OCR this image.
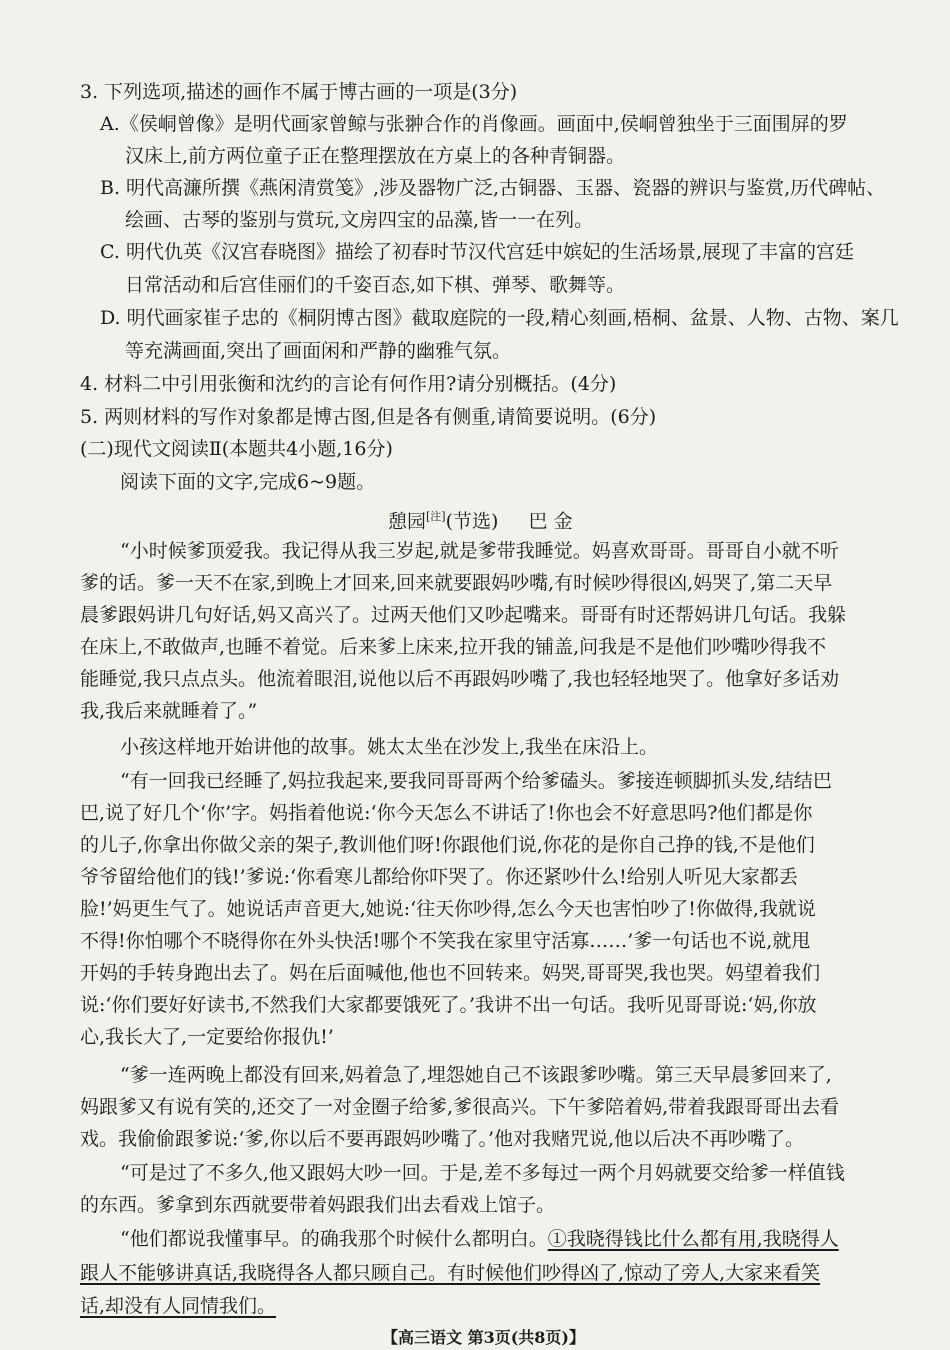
3. 下列选项,描述的画作不属于博古画的一项是(3分)
A.《侯峒曾像》是明代画家曾鲸与张翀合作的肖像画。画面中,侯峒曾独坐于三面围屏的罗
汉床上,前方两位童子正在整理摆放在方桌上的各种青铜器。
B. 明代高濂所撰《燕闲清赏笺》,涉及器物广泛,古铜器、玉器、瓷器的辨识与鉴赏,历代碑帖、
绘画、古琴的鉴别与赏玩,文房四宝的品藻,皆一一在列。
C. 明代仇英《汉宫春晓图》描绘了初春时节汉代宫廷中嫔妃的生活场景,展现了丰富的宫廷
日常活动和后宫佳丽们的千姿百态,如下棋、弹琴、歌舞等。
D. 明代画家崔子忠的《桐阴博古图》截取庭院的一段,精心刻画,梧桐、盆景、人物、古物、案几
等充满画面,突出了画面闲和严静的幽雅气氛。
4. 材料二中引用张衡和沈约的言论有何作用?请分别概括。(4分)
5. 两则材料的写作对象都是博古图,但是各有侧重,请简要说明。(6分)
(二)现代文阅读Ⅱ(本题共4小题,16分)
阅读下面的文字,完成6~9题。
憩园[注](节选) 巴 金
“小时候爹顶爱我。我记得从我三岁起,就是爹带我睡觉。妈喜欢哥哥。哥哥自小就不听
爹的话。爹一天不在家,到晚上才回来,回来就要跟妈吵嘴,有时候吵得很凶,妈哭了,第二天早
晨爹跟妈讲几句好话,妈又高兴了。过两天他们又吵起嘴来。哥哥有时还帮妈讲几句话。我躲
在床上,不敢做声,也睡不着觉。后来爹上床来,拉开我的铺盖,问我是不是他们吵嘴吵得我不
能睡觉,我只点点头。他流着眼泪,说他以后不再跟妈吵嘴了,我也轻轻地哭了。他拿好多话劝
我,我后来就睡着了。”
小孩这样地开始讲他的故事。姚太太坐在沙发上,我坐在床沿上。
“有一回我已经睡了,妈拉我起来,要我同哥哥两个给爹磕头。爹接连顿脚抓头发,结结巴
巴,说了好几个‘你’字。妈指着他说:‘你今天怎么不讲话了!你也会不好意思吗?他们都是你
的儿子,你拿出你做父亲的架子,教训他们呀!你跟他们说,你花的是你自己挣的钱,不是他们
爷爷留给他们的钱!’爹说:‘你看寒儿都给你吓哭了。你还紧吵什么!给别人听见大家都丢
脸!’妈更生气了。她说话声音更大,她说:‘往天你吵得,怎么今天也害怕吵了!你做得,我就说
不得!你怕哪个不晓得你在外头快活!哪个不笑我在家里守活寡……’爹一句话也不说,就甩
开妈的手转身跑出去了。妈在后面喊他,他也不回转来。妈哭,哥哥哭,我也哭。妈望着我们
说:‘你们要好好读书,不然我们大家都要饿死了。’我讲不出一句话。我听见哥哥说:‘妈,你放
心,我长大了,一定要给你报仇!’
“爹一连两晚上都没有回来,妈着急了,埋怨她自己不该跟爹吵嘴。第三天早晨爹回来了,
妈跟爹又有说有笑的,还交了一对金圈子给爹,爹很高兴。下午爹陪着妈,带着我跟哥哥出去看
戏。我偷偷跟爹说:‘爹,你以后不要再跟妈吵嘴了。’他对我赌咒说,他以后决不再吵嘴了。
“可是过了不多久,他又跟妈大吵一回。于是,差不多每过一两个月妈就要交给爹一样值钱
的东西。爹拿到东西就要带着妈跟我们出去看戏上馆子。
“他们都说我懂事早。的确我那个时候什么都明白。①我晓得钱比什么都有用,我晓得人
跟人不能够讲真话,我晓得各人都只顾自己。有时候他们吵得凶了,惊动了旁人,大家来看笑
话,却没有人同情我们。
【高三语文 第3页(共8页)】
